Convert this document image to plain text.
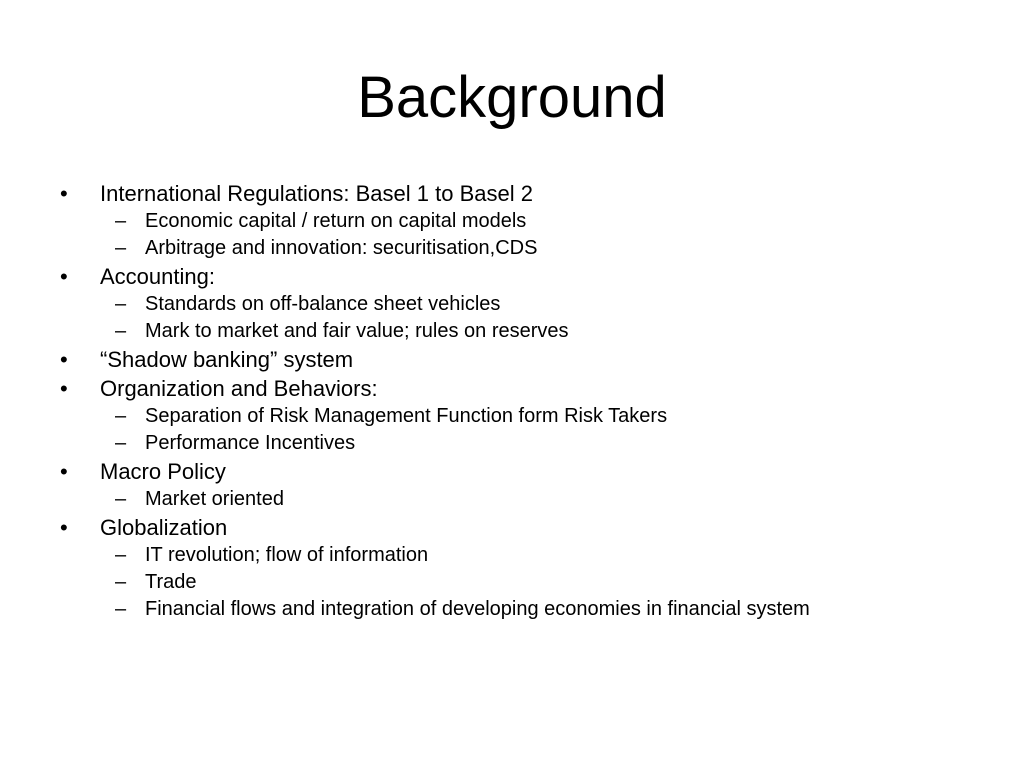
Background
• International Regulations: Basel 1 to Basel 2
– Economic capital / return on capital models
– Arbitrage and innovation: securitisation,CDS
• Accounting:
– Standards on off-balance sheet vehicles
– Mark to market and fair value; rules on reserves
• “Shadow banking” system
• Organization and Behaviors:
– Separation of Risk Management Function form Risk Takers
– Performance Incentives
• Macro Policy
– Market oriented
• Globalization
– IT revolution; flow of information
– Trade
– Financial flows and integration of developing economies in financial system
